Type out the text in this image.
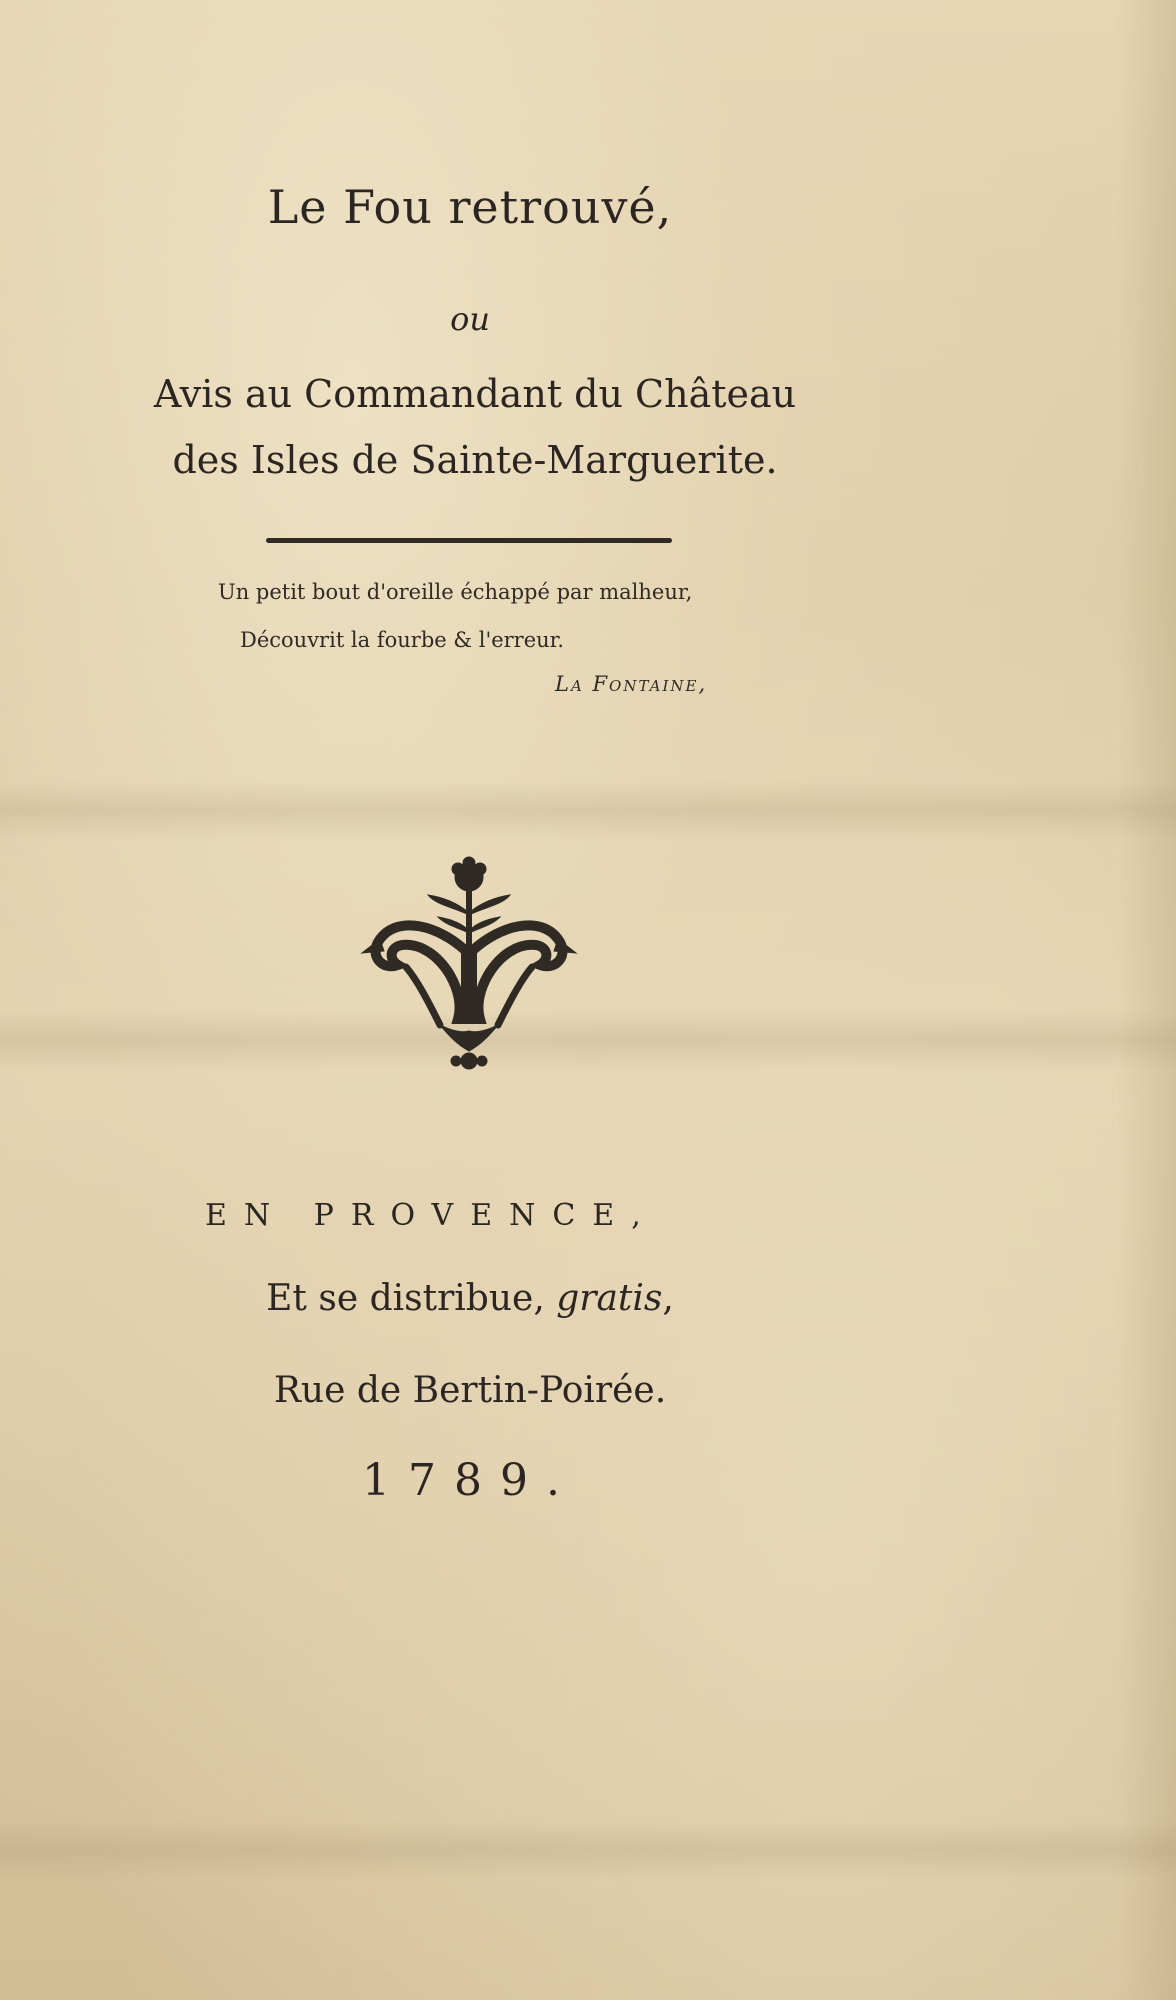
Le Fou retrouvé,
ou
Avis au Commandant du Château
des Isles de Sainte-Marguerite.
Un petit bout d'oreille échappé par malheur,
Découvrit la fourbe & l'erreur.
La Fontaine,
EN PROVENCE,
Et se distribue, gratis,
Rue de Bertin-Poirée.
1789.
